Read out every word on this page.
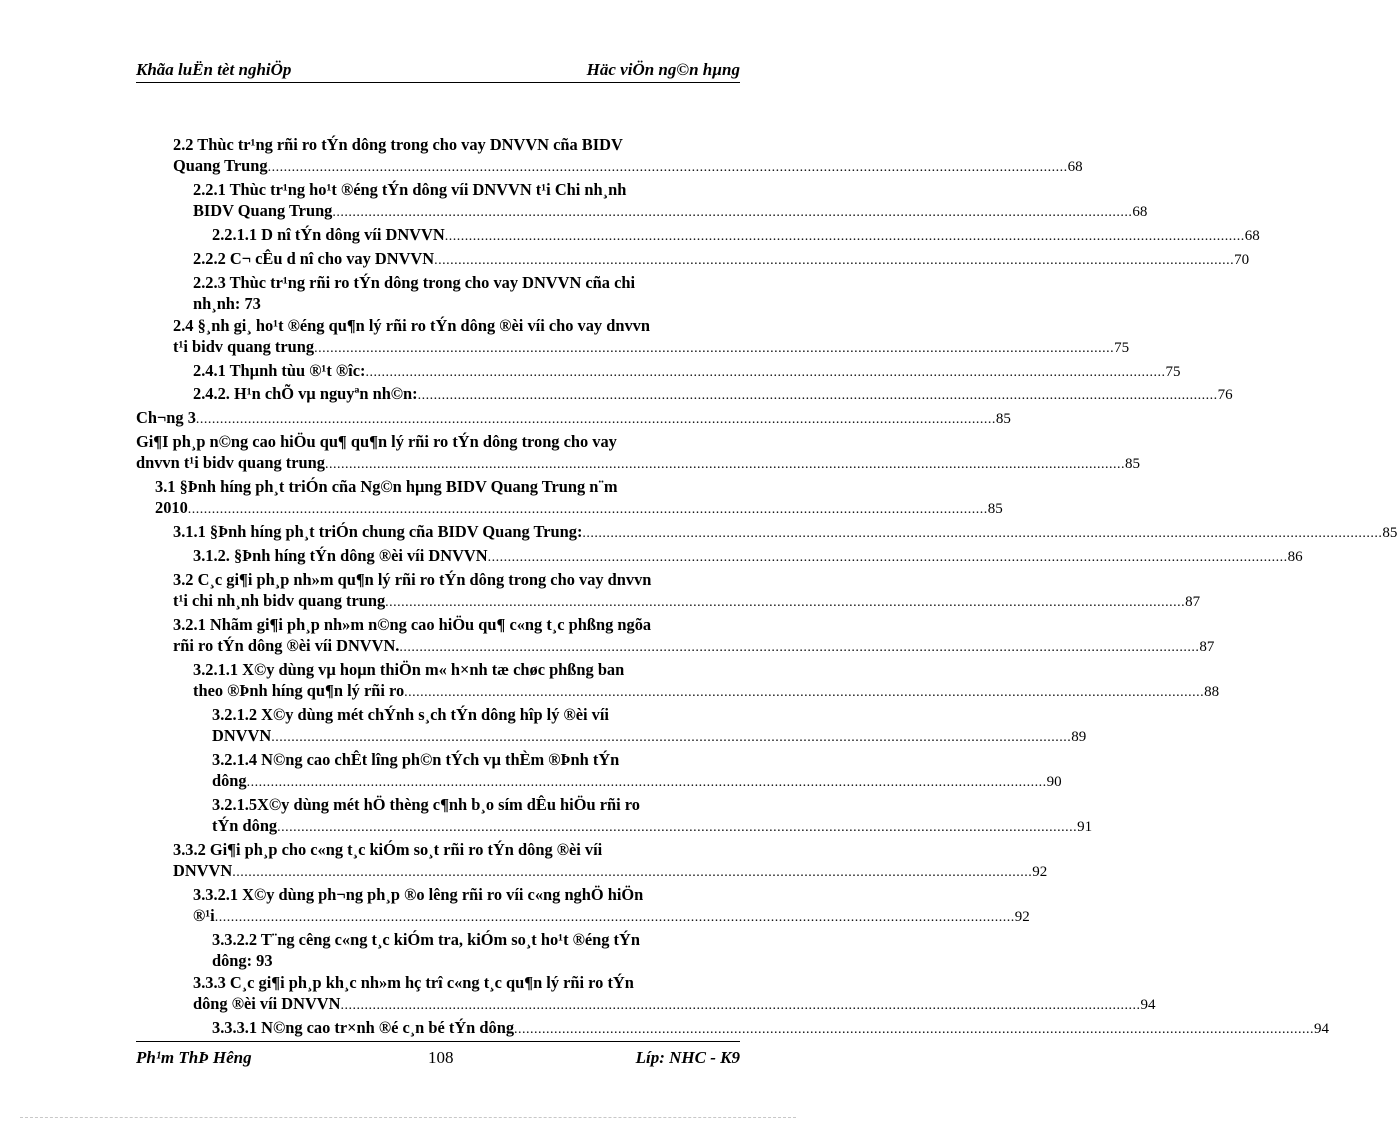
Khãa luËn tèt nghiÖp	Häc viÖn ng©n hµng
2.2 Thùc tr¹ng rñi ro tÝn dông trong cho vay DNVVN cña BIDV
Quang Trung ........................................................................................................................................................................................................ 68
2.2.1 Thùc tr¹ng ho¹t ®éng tÝn dông víi DNVVN t¹i Chi nh¸nh
BIDV Quang Trung ........................................................................................................................................................................................................ 68
2.2.1.1 D nî tÝn dông víi DNVVN ........................................................................................................................................................................................................ 68
2.2.2 C¬ cÊu d nî cho vay DNVVN ........................................................................................................................................................................................................ 70
2.2.3 Thùc tr¹ng rñi ro tÝn dông trong cho vay DNVVN cña chi
nh¸nh: 73
2.4 §¸nh gi¸ ho¹t ®éng qu¶n lý rñi ro tÝn dông ®èi víi cho vay dnvvn
t¹i bidv quang trung ........................................................................................................................................................................................................ 75
2.4.1 Thµnh tùu ®¹t ®îc: ........................................................................................................................................................................................................ 75
2.4.2. H¹n chÕ vµ nguyªn nh©n: ........................................................................................................................................................................................................ 76
Ch¬ng 3 ........................................................................................................................................................................................................ 85
Gi¶I ph¸p n©ng cao hiÖu qu¶ qu¶n lý rñi ro tÝn dông trong cho vay
dnvvn t¹i bidv quang trung ........................................................................................................................................................................................................ 85
3.1 §Þnh híng ph¸t triÓn cña Ng©n hµng BIDV Quang Trung n¨m
2010 ........................................................................................................................................................................................................ 85
3.1.1 §Þnh híng ph¸t triÓn chung cña BIDV Quang Trung: ........................................................................................................................................................................................................ 85
3.1.2. §Þnh híng tÝn dông ®èi víi DNVVN ........................................................................................................................................................................................................ 86
3.2 C¸c gi¶i ph¸p nh»m qu¶n lý rñi ro tÝn dông trong cho vay dnvvn
t¹i chi nh¸nh bidv quang trung ........................................................................................................................................................................................................ 87
3.2.1 Nhãm gi¶i ph¸p nh»m n©ng cao hiÖu qu¶ c«ng t¸c phßng ngõa
rñi ro tÝn dông ®èi víi DNVVN. ........................................................................................................................................................................................................ 87
3.2.1.1 X©y dùng vµ hoµn thiÖn m« h×nh tæ chøc phßng ban
theo ®Þnh híng qu¶n lý rñi ro ........................................................................................................................................................................................................ 88
3.2.1.2 X©y dùng mét chÝnh s¸ch tÝn dông hîp lý ®èi víi
DNVVN ........................................................................................................................................................................................................ 89
3.2.1.4 N©ng cao chÊt lîng ph©n tÝch vµ thÈm ®Þnh tÝn
dông ........................................................................................................................................................................................................ 90
3.2.1.5X©y dùng mét hÖ thèng c¶nh b¸o sím dÊu hiÖu rñi ro
tÝn dông ........................................................................................................................................................................................................ 91
3.3.2 Gi¶i ph¸p cho c«ng t¸c kiÓm so¸t rñi ro tÝn dông ®èi víi
DNVVN ........................................................................................................................................................................................................ 92
3.3.2.1 X©y dùng ph¬ng ph¸p ®o lêng rñi ro víi c«ng nghÖ hiÖn
®¹i ........................................................................................................................................................................................................ 92
3.3.2.2 T¨ng cêng c«ng t¸c kiÓm tra, kiÓm so¸t ho¹t ®éng tÝn
dông: 93
3.3.3 C¸c gi¶i ph¸p kh¸c nh»m hç trî c«ng t¸c qu¶n lý rñi ro tÝn
dông ®èi víi DNVVN ........................................................................................................................................................................................................ 94
3.3.3.1 N©ng cao tr×nh ®é c¸n bé tÝn dông ........................................................................................................................................................................................................ 94
Ph¹m ThÞ Hêng	108	Líp: NHC - K9
